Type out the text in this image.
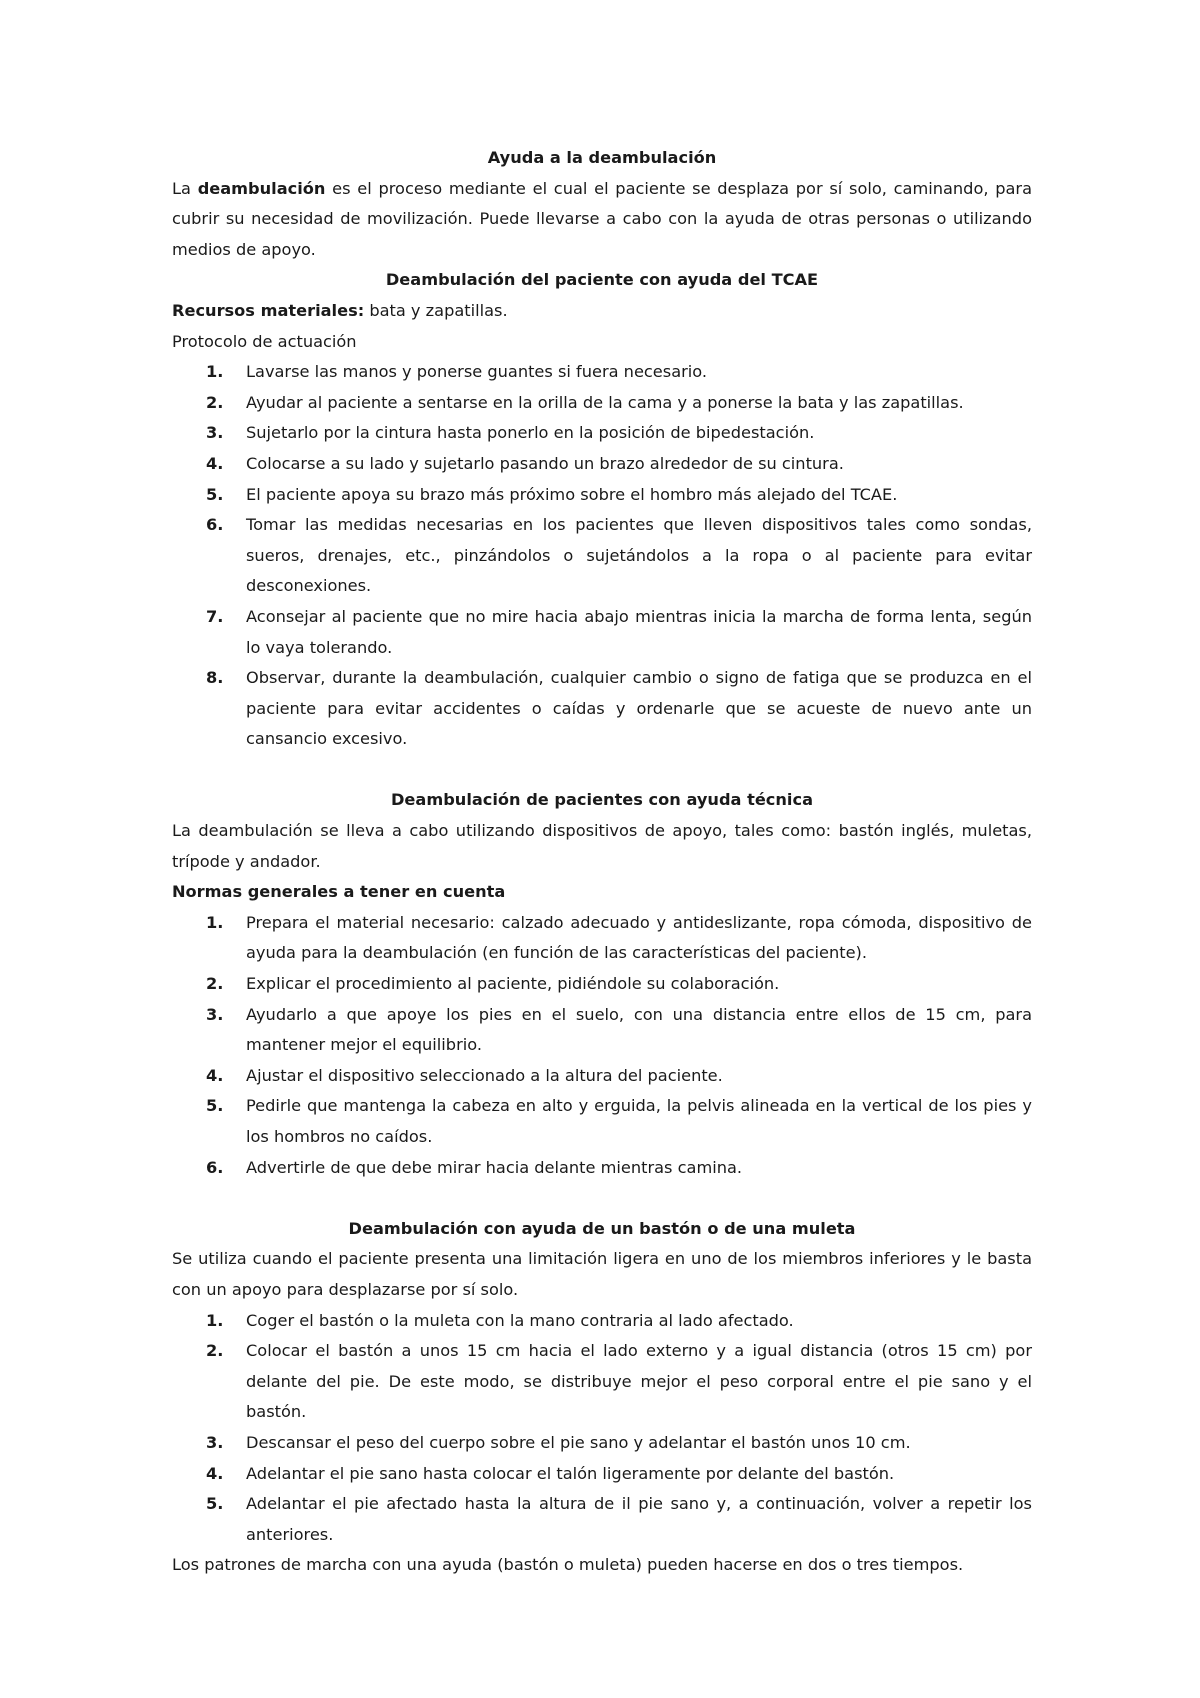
Ayuda a la deambulación

La deambulación es el proceso mediante el cual el paciente se desplaza por sí solo, caminando, para cubrir su necesidad de movilización. Puede llevarse a cabo con la ayuda de otras personas o utilizando medios de apoyo.

Deambulación del paciente con ayuda del TCAE

Recursos materiales: bata y zapatillas.

Protocolo de actuación

1. Lavarse las manos y ponerse guantes si fuera necesario.
2. Ayudar al paciente a sentarse en la orilla de la cama y a ponerse la bata y las zapatillas.
3. Sujetarlo por la cintura hasta ponerlo en la posición de bipedestación.
4. Colocarse a su lado y sujetarlo pasando un brazo alrededor de su cintura.
5. El paciente apoya su brazo más próximo sobre el hombro más alejado del TCAE.
6. Tomar las medidas necesarias en los pacientes que lleven dispositivos tales como sondas, sueros, drenajes, etc., pinzándolos o sujetándolos a la ropa o al paciente para evitar desconexiones.
7. Aconsejar al paciente que no mire hacia abajo mientras inicia la marcha de forma lenta, según lo vaya tolerando.
8. Observar, durante la deambulación, cualquier cambio o signo de fatiga que se produzca en el paciente para evitar accidentes o caídas y ordenarle que se acueste de nuevo ante un cansancio excesivo.

Deambulación de pacientes con ayuda técnica

La deambulación se lleva a cabo utilizando dispositivos de apoyo, tales como: bastón inglés, muletas, trípode y andador.

Normas generales a tener en cuenta

1. Prepara el material necesario: calzado adecuado y antideslizante, ropa cómoda, dispositivo de ayuda para la deambulación (en función de las características del paciente).
2. Explicar el procedimiento al paciente, pidiéndole su colaboración.
3. Ayudarlo a que apoye los pies en el suelo, con una distancia entre ellos de 15 cm, para mantener mejor el equilibrio.
4. Ajustar el dispositivo seleccionado a la altura del paciente.
5. Pedirle que mantenga la cabeza en alto y erguida, la pelvis alineada en la vertical de los pies y los hombros no caídos.
6. Advertirle de que debe mirar hacia delante mientras camina.

Deambulación con ayuda de un bastón o de una muleta

Se utiliza cuando el paciente presenta una limitación ligera en uno de los miembros inferiores y le basta con un apoyo para desplazarse por sí solo.

1. Coger el bastón o la muleta con la mano contraria al lado afectado.
2. Colocar el bastón a unos 15 cm hacia el lado externo y a igual distancia (otros 15 cm) por delante del pie. De este modo, se distribuye mejor el peso corporal entre el pie sano y el bastón.
3. Descansar el peso del cuerpo sobre el pie sano y adelantar el bastón unos 10 cm.
4. Adelantar el pie sano hasta colocar el talón ligeramente por delante del bastón.
5. Adelantar el pie afectado hasta la altura de il pie sano y, a continuación, volver a repetir los anteriores.

Los patrones de marcha con una ayuda (bastón o muleta) pueden hacerse en dos o tres tiempos.
